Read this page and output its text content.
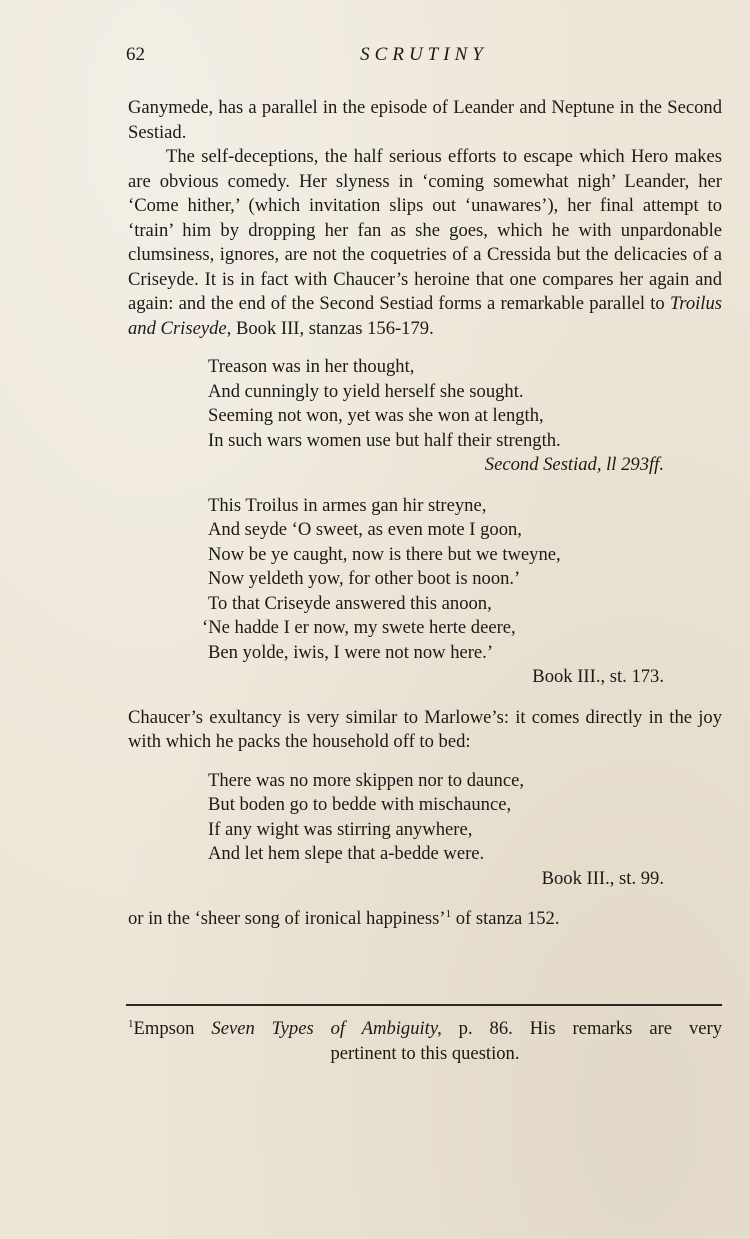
62	SCRUTINY

Ganymede, has a parallel in the episode of Leander and Neptune in the Second Sestiad.

The self-deceptions, the half serious efforts to escape which Hero makes are obvious comedy. Her slyness in ‘coming somewhat nigh’ Leander, her ‘Come hither,’ (which invitation slips out ‘unawares’), her final attempt to ‘train’ him by dropping her fan as she goes, which he with unpardonable clumsiness, ignores, are not the coquetries of a Cressida but the delicacies of a Criseyde. It is in fact with Chaucer’s heroine that one compares her again and again: and the end of the Second Sestiad forms a remarkable parallel to Troilus and Criseyde, Book III, stanzas 156-179.

Treason was in her thought,
And cunningly to yield herself she sought.
Seeming not won, yet was she won at length,
In such wars women use but half their strength.
Second Sestiad, ll 293ff.
This Troilus in armes gan hir streyne,
And seyde ‘O sweet, as even mote I goon,
Now be ye caught, now is there but we tweyne,
Now yeldeth yow, for other boot is noon.’
To that Criseyde answered this anoon,
‘Ne hadde I er now, my swete herte deere,
Ben yolde, iwis, I were not now here.’
Book III., st. 173.

Chaucer’s exultancy is very similar to Marlowe’s: it comes directly in the joy with which he packs the household off to bed:

There was no more skippen nor to daunce,
But boden go to bedde with mischaunce,
If any wight was stirring anywhere,
And let hem slepe that a-bedde were.
Book III., st. 99.

or in the ‘sheer song of ironical happiness’$^1$ of stanza 152.

$^1$Empson Seven Types of Ambiguity, p. 86. His remarks are very
pertinent to this question.
